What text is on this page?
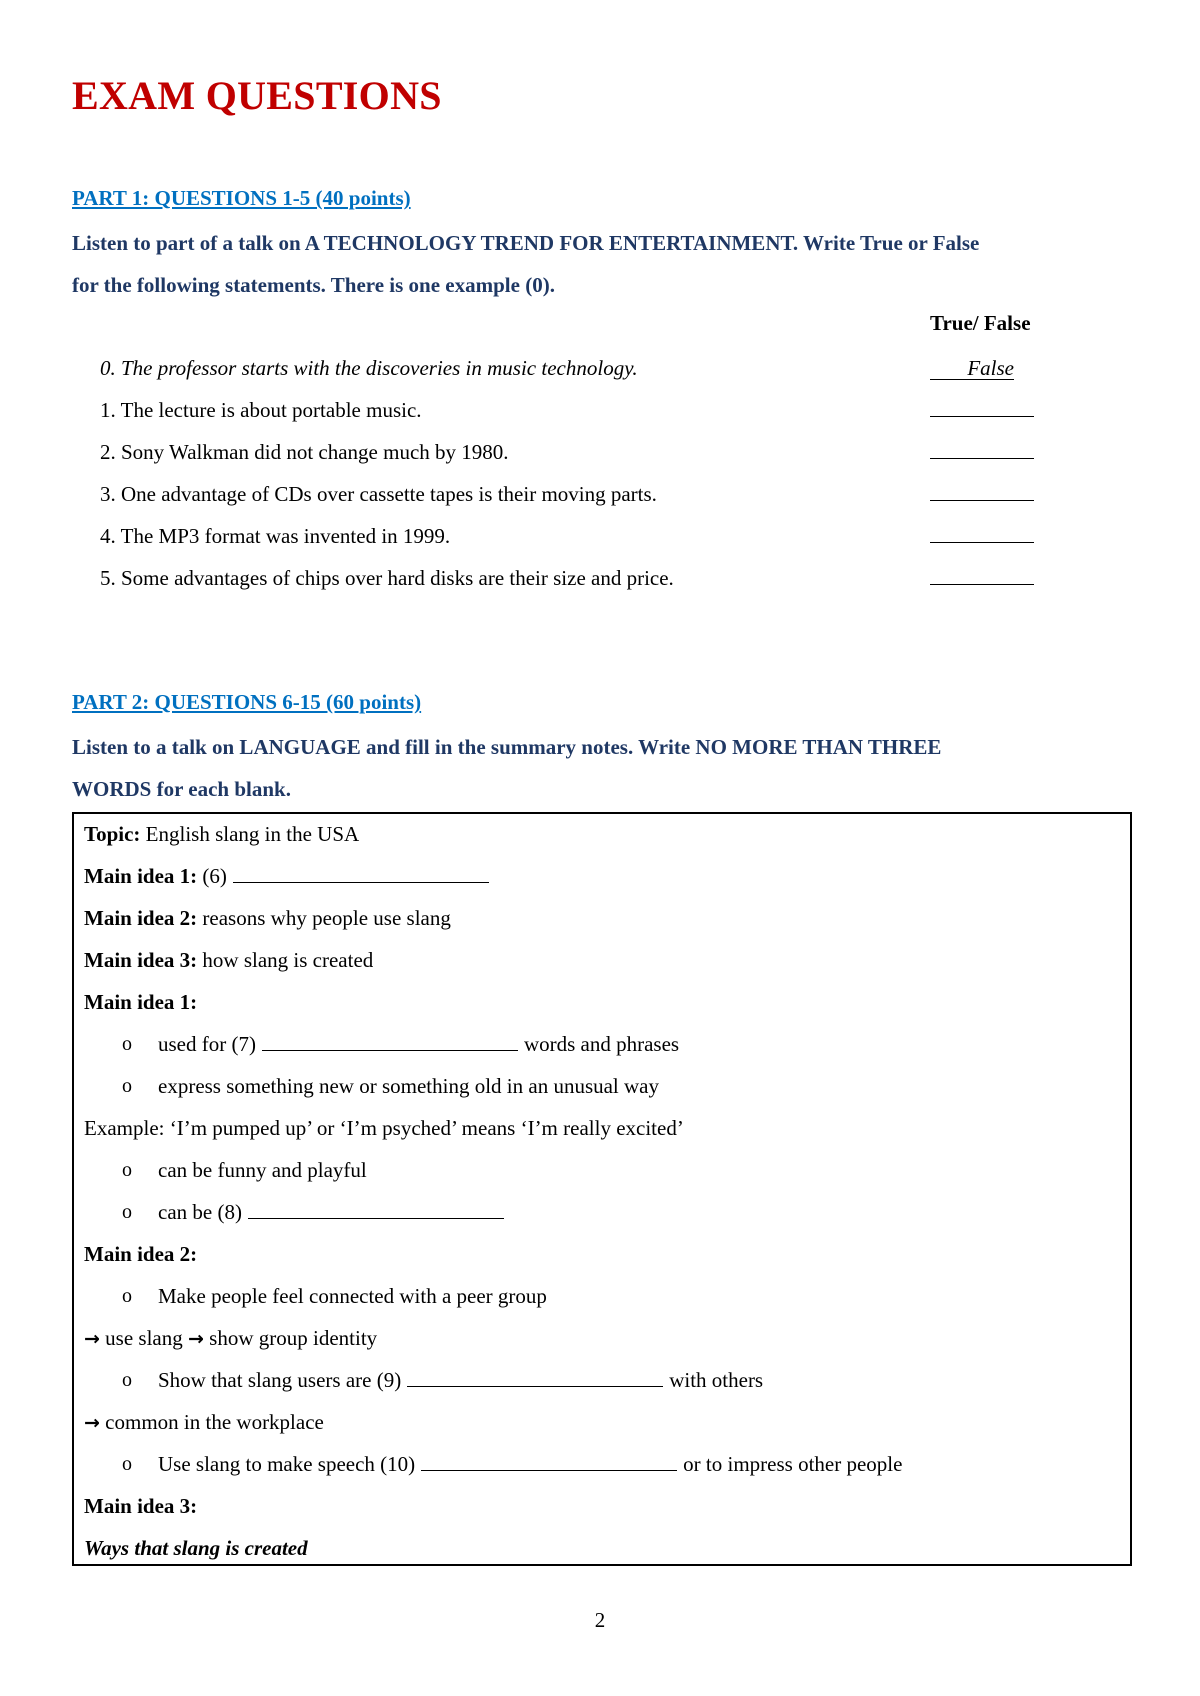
EXAM QUESTIONS
PART 1: QUESTIONS 1-5 (40 points)
Listen to part of a talk on A TECHNOLOGY TREND FOR ENTERTAINMENT. Write True or False
for the following statements. There is one example (0).
True/ False
0. The professor starts with the discoveries in music technology.	False
1. The lecture is about portable music.
2. Sony Walkman did not change much by 1980.
3. One advantage of CDs over cassette tapes is their moving parts.
4. The MP3 format was invented in 1999.
5. Some advantages of chips over hard disks are their size and price.
PART 2: QUESTIONS 6-15 (60 points)
Listen to a talk on LANGUAGE and fill in the summary notes. Write NO MORE THAN THREE
WORDS for each blank.
Topic: English slang in the USA
Main idea 1: (6)
Main idea 2: reasons why people use slang
Main idea 3: how slang is created
Main idea 1:
o used for (7)	words and phrases
o express something new or something old in an unusual way
Example: ‘I’m pumped up’ or ‘I’m psyched’ means ‘I’m really excited’
o can be funny and playful
o can be (8)
Main idea 2:
o Make people feel connected with a peer group
→ use slang → show group identity
o Show that slang users are (9)	with others
→ common in the workplace
o Use slang to make speech (10)	or to impress other people
Main idea 3:
Ways that slang is created
2
